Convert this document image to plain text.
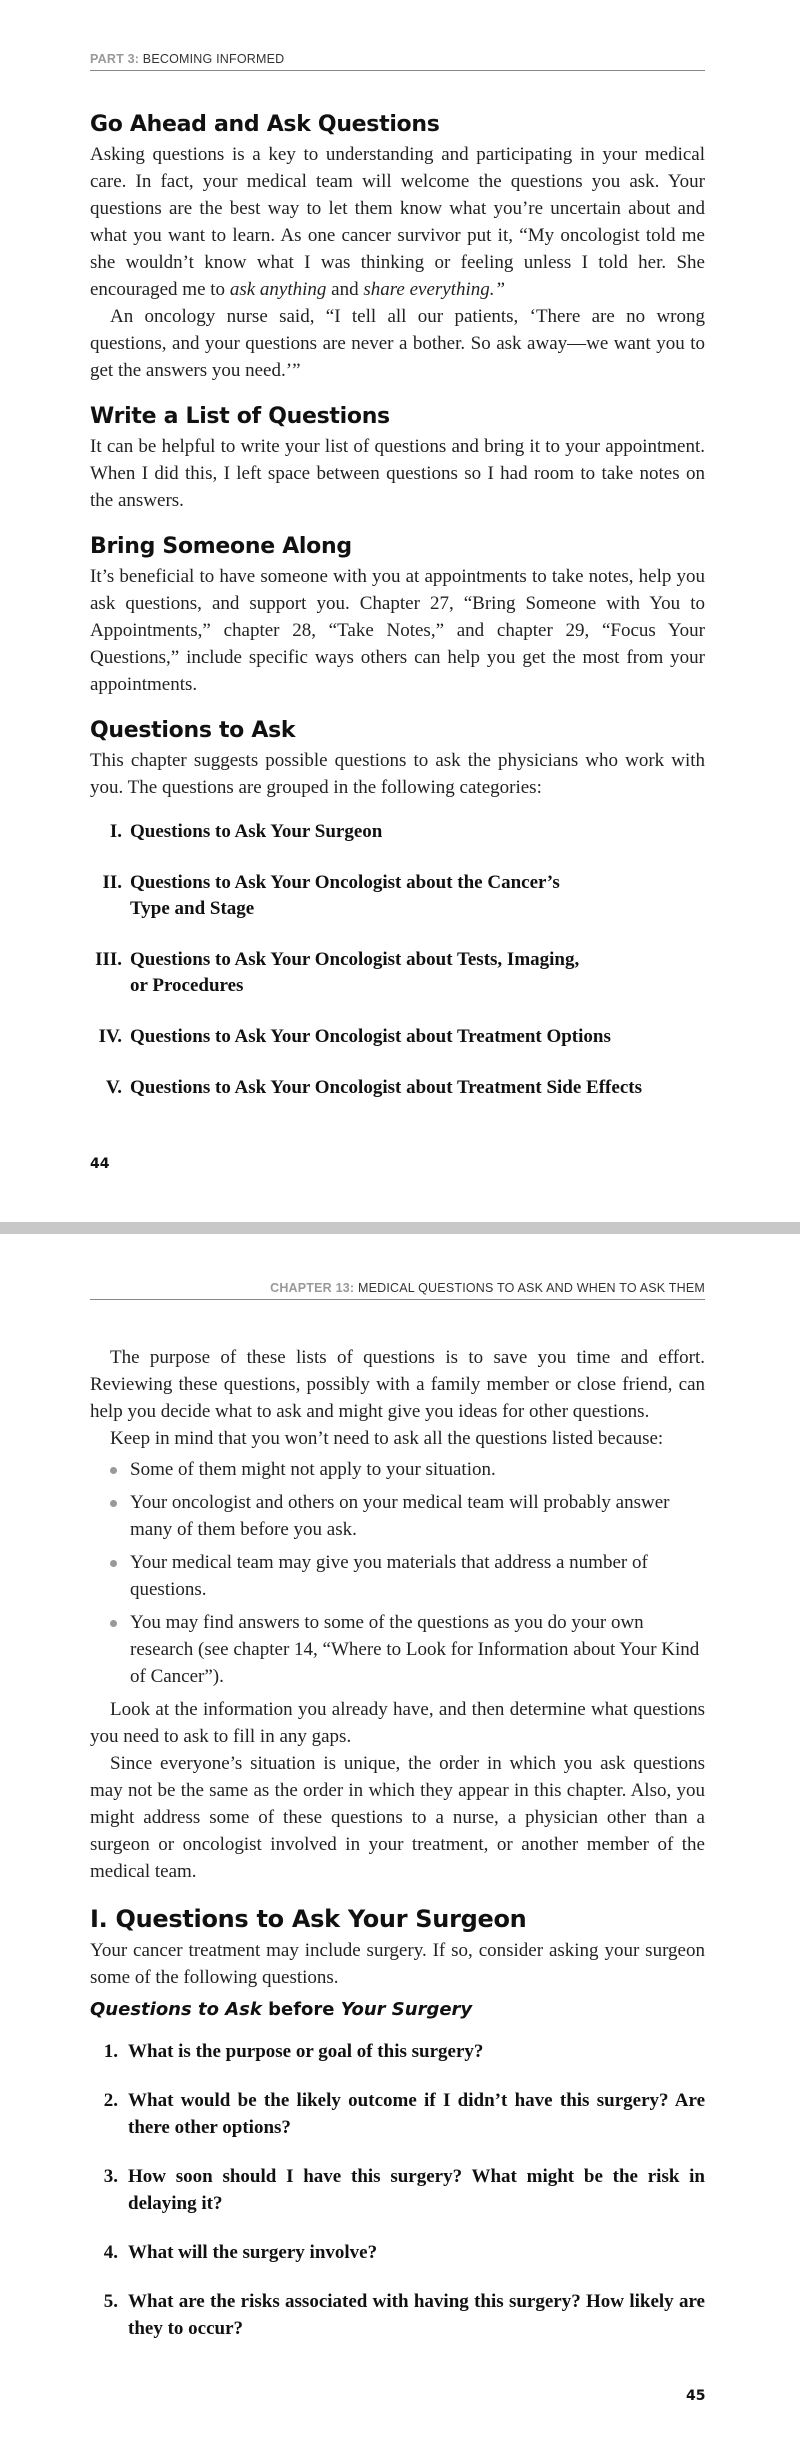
PART 3: BECOMING INFORMED
Go Ahead and Ask Questions

Asking questions is a key to understanding and participating in your medical care. In fact, your medical team will welcome the questions you ask. Your questions are the best way to let them know what you’re uncertain about and what you want to learn. As one cancer survivor put it, “My oncologist told me she wouldn’t know what I was thinking or feeling unless I told her. She encouraged me to ask anything and share everything.”

An oncology nurse said, “I tell all our patients, ‘There are no wrong questions, and your questions are never a bother. So ask away—we want you to get the answers you need.’”

Write a List of Questions

It can be helpful to write your list of questions and bring it to your appointment. When I did this, I left space between questions so I had room to take notes on the answers.

Bring Someone Along

It’s beneficial to have someone with you at appointments to take notes, help you ask questions, and support you. Chapter 27, “Bring Someone with You to Appointments,” chapter 28, “Take Notes,” and chapter 29, “Focus Your Questions,” include specific ways others can help you get the most from your appointments.

Questions to Ask

This chapter suggests possible questions to ask the physicians who work with you. The questions are grouped in the following categories:

I. Questions to Ask Your Surgeon
II. Questions to Ask Your Oncologist about the Cancer’s Type and Stage
III. Questions to Ask Your Oncologist about Tests, Imaging, or Procedures
IV. Questions to Ask Your Oncologist about Treatment Options
V. Questions to Ask Your Oncologist about Treatment Side Effects
44
CHAPTER 13: MEDICAL QUESTIONS TO ASK AND WHEN TO ASK THEM

The purpose of these lists of questions is to save you time and effort. Reviewing these questions, possibly with a family member or close friend, can help you decide what to ask and might give you ideas for other questions.

Keep in mind that you won’t need to ask all the questions listed because:

Some of them might not apply to your situation.
Your oncologist and others on your medical team will probably answer many of them before you ask.
Your medical team may give you materials that address a number of questions.
You may find answers to some of the questions as you do your own research (see chapter 14, “Where to Look for Information about Your Kind of Cancer”).

Look at the information you already have, and then determine what questions you need to ask to fill in any gaps.

Since everyone’s situation is unique, the order in which you ask questions may not be the same as the order in which they appear in this chapter. Also, you might address some of these questions to a nurse, a physician other than a surgeon or oncologist involved in your treatment, or another member of the medical team.

I. Questions to Ask Your Surgeon

Your cancer treatment may include surgery. If so, consider asking your surgeon some of the following questions.

Questions to Ask before Your Surgery
1. What is the purpose or goal of this surgery?
2. What would be the likely outcome if I didn’t have this surgery? Are there other options?
3. How soon should I have this surgery? What might be the risk in delaying it?
4. What will the surgery involve?
5. What are the risks associated with having this surgery? How likely are they to occur?
45
